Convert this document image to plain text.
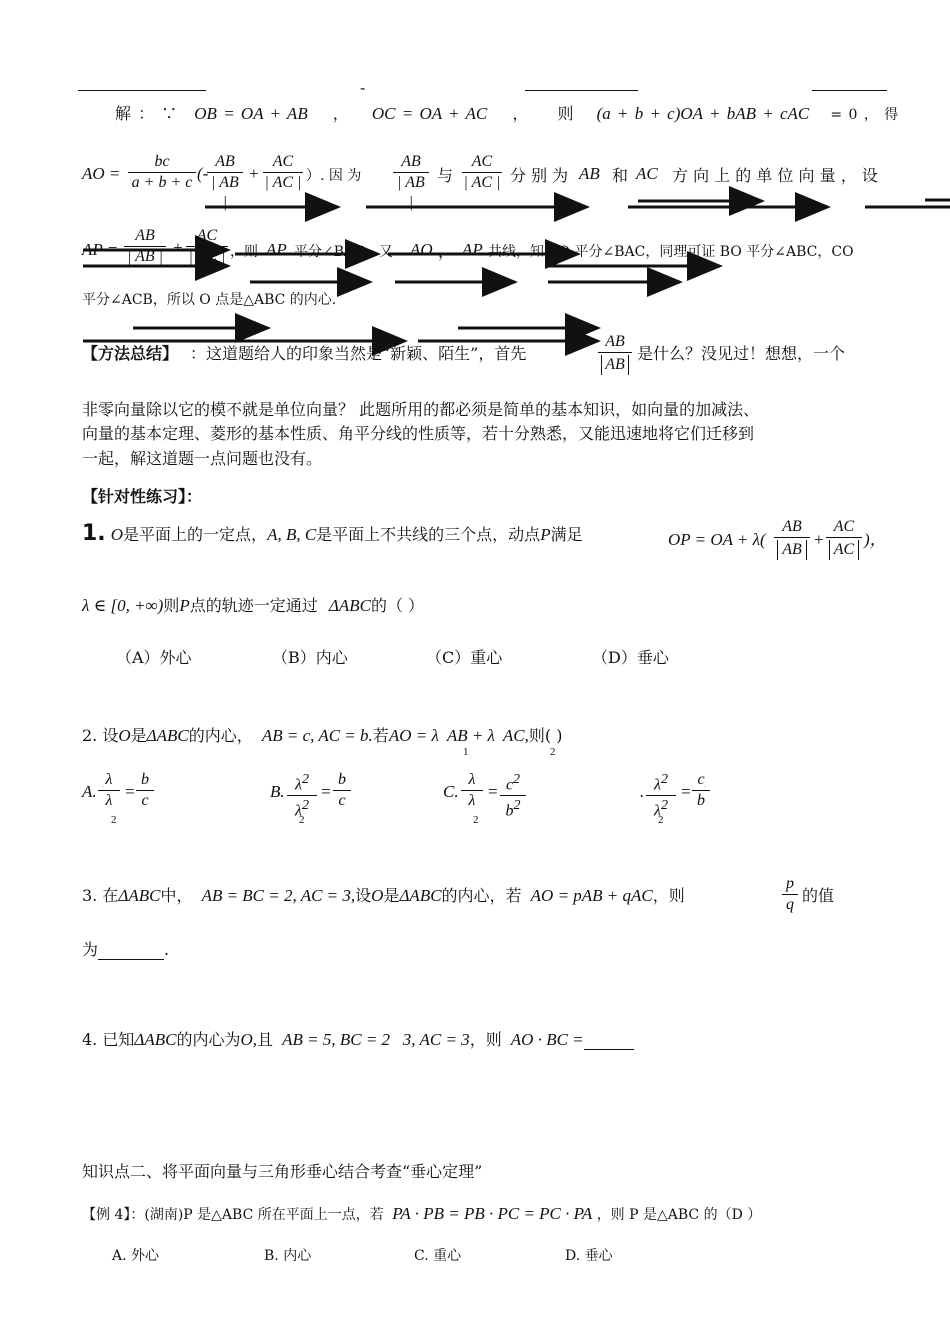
-
解 ： ∵ OB = OA + AB ， OC = OA + AC ， 则 (a + b + c)OA + bAB + cAC = 0 ， 得
AO = $\frac{bc}{a + b + c}$ (-
$\frac{AB}{| AB |} + \frac{AC}{| AC |}$ ）. 因 为 $\frac{AB}{| AB |}$ 与 $\frac{AC}{| AC |}$ 分 别 为 AB 和 AC 方 向 上 的 单 位 向 量 ， 设
AP = $\frac{AB}{| AB |} + \frac{AC}{| AC |}$ ，则 AP 平分∠BAC．又 AO ， AP 共线，知 AO 平分∠BAC，同理可证 BO 平分∠ABC，CO
平分∠ACB，所以 O 点是△ABC 的内心.
【方法总结】 ：这道题给人的印象当然是“新颖、陌生”，首先	$\frac{AB}{AB}$ 是什么？没见过！想想，一个
非零向量除以它的模不就是单位向量？ 此题所用的都必须是简单的基本知识，如向量的加减法、
向量的基本定理、菱形的基本性质、角平分线的性质等，若十分熟悉，又能迅速地将它们迁移到
一起，解这道题一点问题也没有。
【针对性练习】：
1. O是平面上的一定点，A, B, C是平面上不共线的三个点，动点P满足	OP = OA + $\lambda( \frac{AB}{AB} + \frac{AC}{AC}$ )，
λ ∈ [0, +∞)则P点的轨迹一定通过 ΔABC的（ ）
（A）外心	（B）内心	（C）重心	（D）垂心
2. 设O是ΔABC的内心， AB = c, AC = b.若AO = λ AB + λ AC,则( )
1	2
A. $\frac{\lambda}{\lambda}$
2
= $\frac{b}{c}$	B. $\frac{\lambda^2}{\lambda^2}$
2
= $\frac{b}{c}$	C. $\frac{\lambda}{\lambda}$
2
= $\frac{c^2}{b^2}$	. $\frac{\lambda^2}{\lambda^2}$
2
= $\frac{c}{b}$
3. 在ΔABC中， AB = BC = 2, AC = 3,设O是ΔABC的内心，若 AO = pAB + qAC，则	$\frac{p}{q}$ 的值
为	.
4. 已知ΔABC的内心为O,且 AB = 5, BC = 2   3, AC = 3，则 AO · BC =
知识点二、将平面向量与三角形垂心结合考查“垂心定理”
【例 4】：(湖南)P 是△ABC 所在平面上一点，若 PA · PB = PB · PC = PC · PA ，则 P 是△ABC 的（D ）
A. 外心	B. 内心	C. 重心	D. 垂心
